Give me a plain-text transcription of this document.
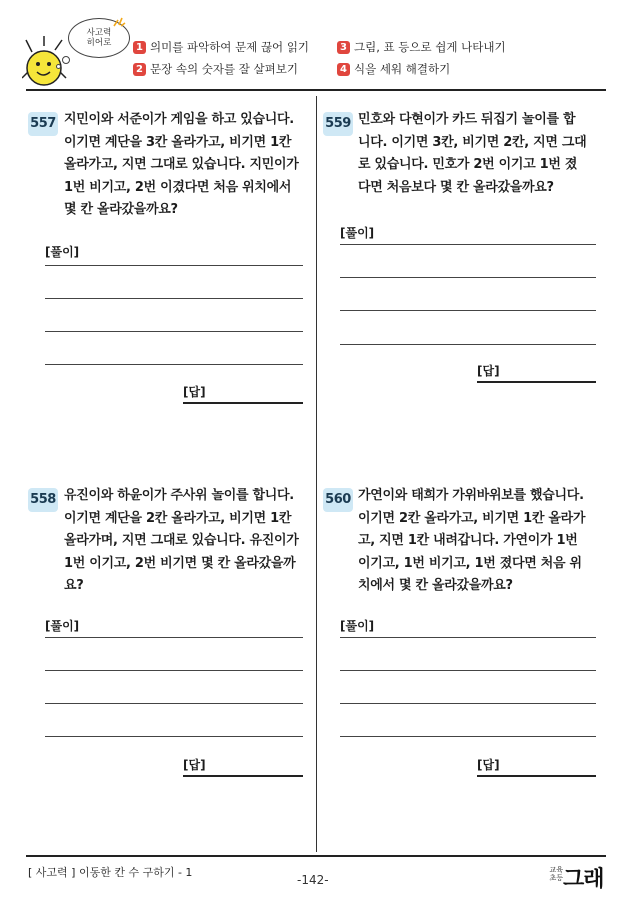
사고력
히어로	1 의미를 파악하여 문제 끊어 읽기
2 문장 속의 숫자를 잘 살펴보기
3 그림, 표 등으로 쉽게 나타내기
4 식을 세워 해결하기
557 지민이와 서준이가 게임을 하고 있습니다.
이기면 계단을 3칸 올라가고, 비기면 1칸
올라가고, 지면 그대로 있습니다. 지민이가
1번 비기고, 2번 이겼다면 처음 위치에서
몇 칸 올라갔을까요?
[풀이]
[답]
558 유진이와 하윤이가 주사위 놀이를 합니다.
이기면 계단을 2칸 올라가고, 비기면 1칸
올라가며, 지면 그대로 있습니다. 유진이가
1번 이기고, 2번 비기면 몇 칸 올라갔을까
요?
[풀이]
[답]
559 민호와 다현이가 카드 뒤집기 놀이를 합
니다. 이기면 3칸, 비기면 2칸, 지면 그대
로 있습니다. 민호가 2번 이기고 1번 졌
다면 처음보다 몇 칸 올라갔을까요?
[풀이]
[답]
560 가연이와 태희가 가위바위보를 했습니다.
이기면 2칸 올라가고, 비기면 1칸 올라가
고, 지면 1칸 내려갑니다. 가연이가 1번
이기고, 1번 비기고, 1번 졌다면 처음 위
치에서 몇 칸 올라갔을까요?
[풀이]
[답]
[ 사고력 ] 이동한 칸 수 구하기 - 1
-142-
교육
초등 그래
